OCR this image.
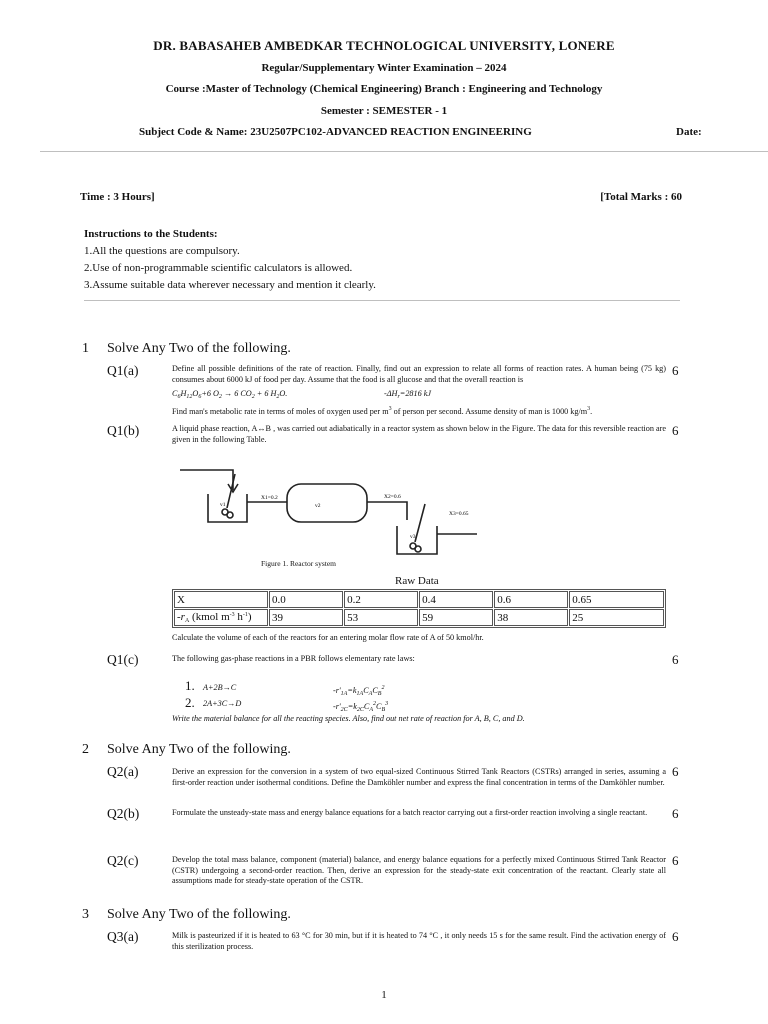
DR. BABASAHEB AMBEDKAR TECHNOLOGICAL UNIVERSITY, LONERE
Regular/Supplementary Winter Examination – 2024
Course :Master of Technology (Chemical Engineering) Branch : Engineering and Technology
Semester : SEMESTER - 1
Subject Code & Name: 23U2507PC102-ADVANCED REACTION ENGINEERING	Date:
Time : 3 Hours]	[Total Marks : 60
Instructions to the Students:
1.All the questions are compulsory.
2.Use of non-programmable scientific calculators is allowed.
3.Assume suitable data wherever necessary and mention it clearly.
1 Solve Any Two of the following.
Q1(a)	Define all possible definitions of the rate of reaction. Finally, find out an expression to relate all forms of reaction rates. A human being (75 kg) consumes about 6000 kJ of food per day. Assume that the food is all glucose and that the overall reaction is
6
$C_6H_{12}O_6+6$ $O_2 \to 6$ $CO_2 + 6$ $H_2O$.	$-\Delta H_r=2816$ kJ
Find man's metabolic rate in terms of moles of oxygen used per $m^3$ of person per second. Assume density of man is 1000 $kg/m^3$.
Q1(b)	A liquid phase reaction, A↔B , was carried out adiabatically in a reactor system as shown below in the Figure. The data for this reversible reaction are given in the following Table.
6
v1	v2
v3
X1=0.2	X2=0.6
X3=0.65
Figure 1. Reactor system
Raw Data
X	0.0	0.2	0.4	0.6	0.65
$-r_A$ (kmol $m^{-3}$ $h^{-1}$)	39	53	59	38	25
Calculate the volume of each of the reactors for an entering molar flow rate of A of 50 kmol/hr.
Q1(c)	The following gas-phase reactions in a PBR follows elementary rate laws:	6
1. A+2B→C	$-r'_{1A}=k_{1A}C_AC_B^2$
2. 2A+3C→D	$-r'_{2C}=k_{2C}C_A^2C_B^3$
Write the material balance for all the reacting species. Also, find out net rate of reaction for A, B, C, and D.
2 Solve Any Two of the following.
Q2(a)	Derive an expression for the conversion in a system of two equal-sized Continuous Stirred Tank Reactors (CSTRs) arranged in series, assuming a first-order reaction under isothermal conditions. Define the Damköhler number and express the final concentration in terms of the Damköhler number.
6
Q2(b)	Formulate the unsteady-state mass and energy balance equations for a batch reactor carrying out a first-order reaction involving a single reactant.	6
Q2(c)	Develop the total mass balance, component (material) balance, and energy balance equations for a perfectly mixed Continuous Stirred Tank Reactor (CSTR) undergoing a second-order reaction. Then, derive an expression for the steady-state exit concentration of the reactant. Clearly state all assumptions made for steady-state operation of the CSTR.
6
3 Solve Any Two of the following.
Q3(a)	Milk is pasteurized if it is heated to 63 °C for 30 min, but if it is heated to 74 °C , it only needs 15 s for the same result. Find the activation energy of this sterilization process.
6
1
